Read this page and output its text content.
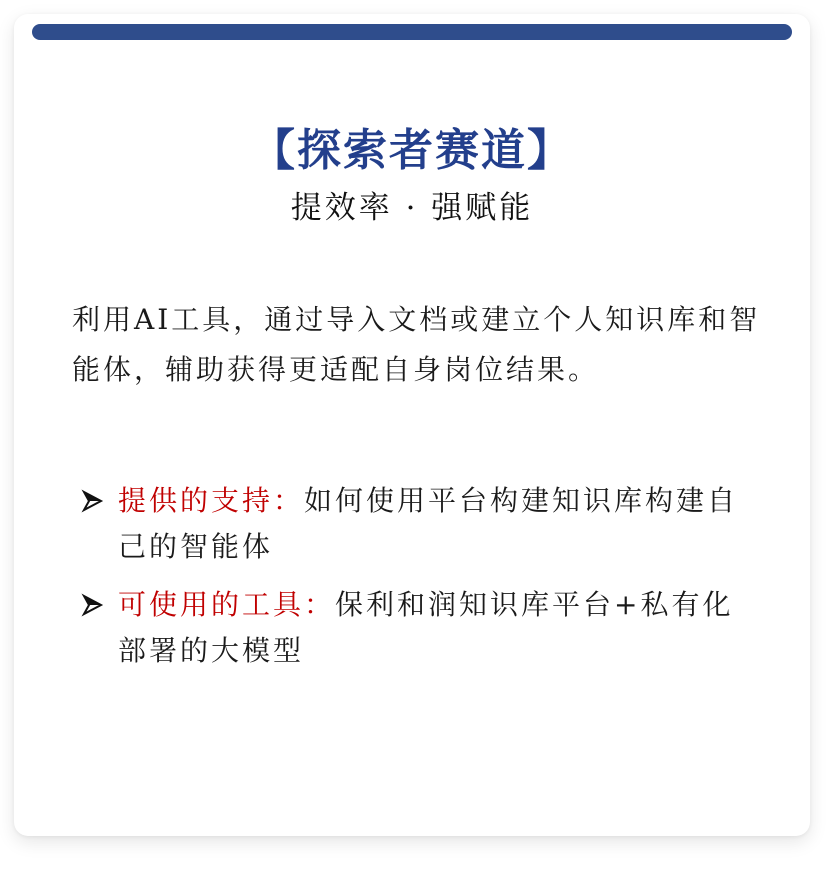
【探索者赛道】
提效率 · 强赋能
利用AI工具，通过导入文档或建立个人知识库和智能体，辅助获得更适配自身岗位结果。
提供的支持：如何使用平台构建知识库构建自己的智能体
可使用的工具：保利和润知识库平台+私有化部署的大模型
